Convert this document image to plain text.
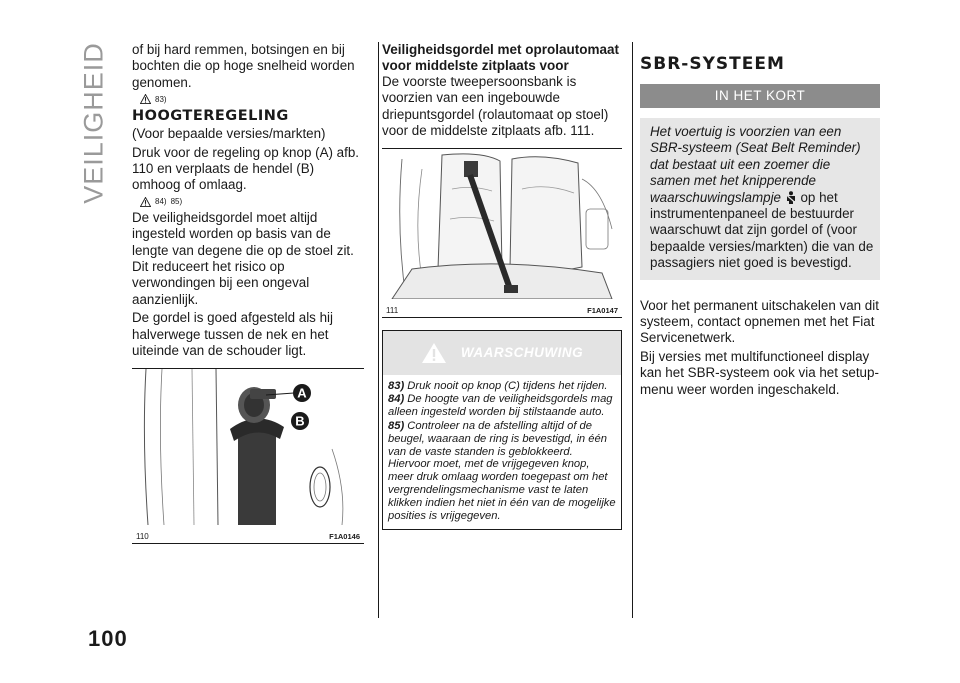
VEILIGHEID
100

of bij hard remmen, botsingen en bij bochten die op hoge snelheid worden genomen.

83)
HOOGTEREGELING

(Voor bepaalde versies/markten)

Druk voor de regeling op knop (A) afb. 110 en verplaats de hendel (B) omhoog of omlaag.

84) 85)

De veiligheidsgordel moet altijd ingesteld worden op basis van de lengte van degene die op de stoel zit. Dit reduceert het risico op verwondingen bij een ongeval aanzienlijk.

De gordel is goed afgesteld als hij halverwege tussen de nek en het uiteinde van de schouder ligt.

A
B
110	F1A0146
Veiligheidsgordel met oprolautomaat voor middelste zitplaats voor

De voorste tweepersoonsbank is voorzien van een ingebouwde driepuntsgordel (rolautomaat op stoel) voor de middelste zitplaats afb. 111.

111	F1A0147
WAARSCHUWING

83) Druk nooit op knop (C) tijdens het rijden.

84) De hoogte van de veiligheidsgordels mag alleen ingesteld worden bij stilstaande auto.

85) Controleer na de afstelling altijd of de beugel, waaraan de ring is bevestigd, in één van de vaste standen is geblokkeerd. Hiervoor moet, met de vrijgegeven knop, meer druk omlaag worden toegepast om het vergrendelingsmechanisme vast te laten klikken indien het niet in één van de mogelijke posities is vrijgegeven.

SBR-SYSTEEM
IN HET KORT

Het voertuig is voorzien van een SBR-systeem (Seat Belt Reminder) dat bestaat uit een zoemer die samen met het knipperende waarschuwingslampje op het

instrumentenpaneel de bestuurder waarschuwt dat zijn gordel of (voor bepaalde versies/markten) die van de passagiers niet goed is bevestigd.

Voor het permanent uitschakelen van dit systeem, contact opnemen met het Fiat Servicenetwerk.

Bij versies met multifunctioneel display kan het SBR-systeem ook via het setup-menu weer worden ingeschakeld.
